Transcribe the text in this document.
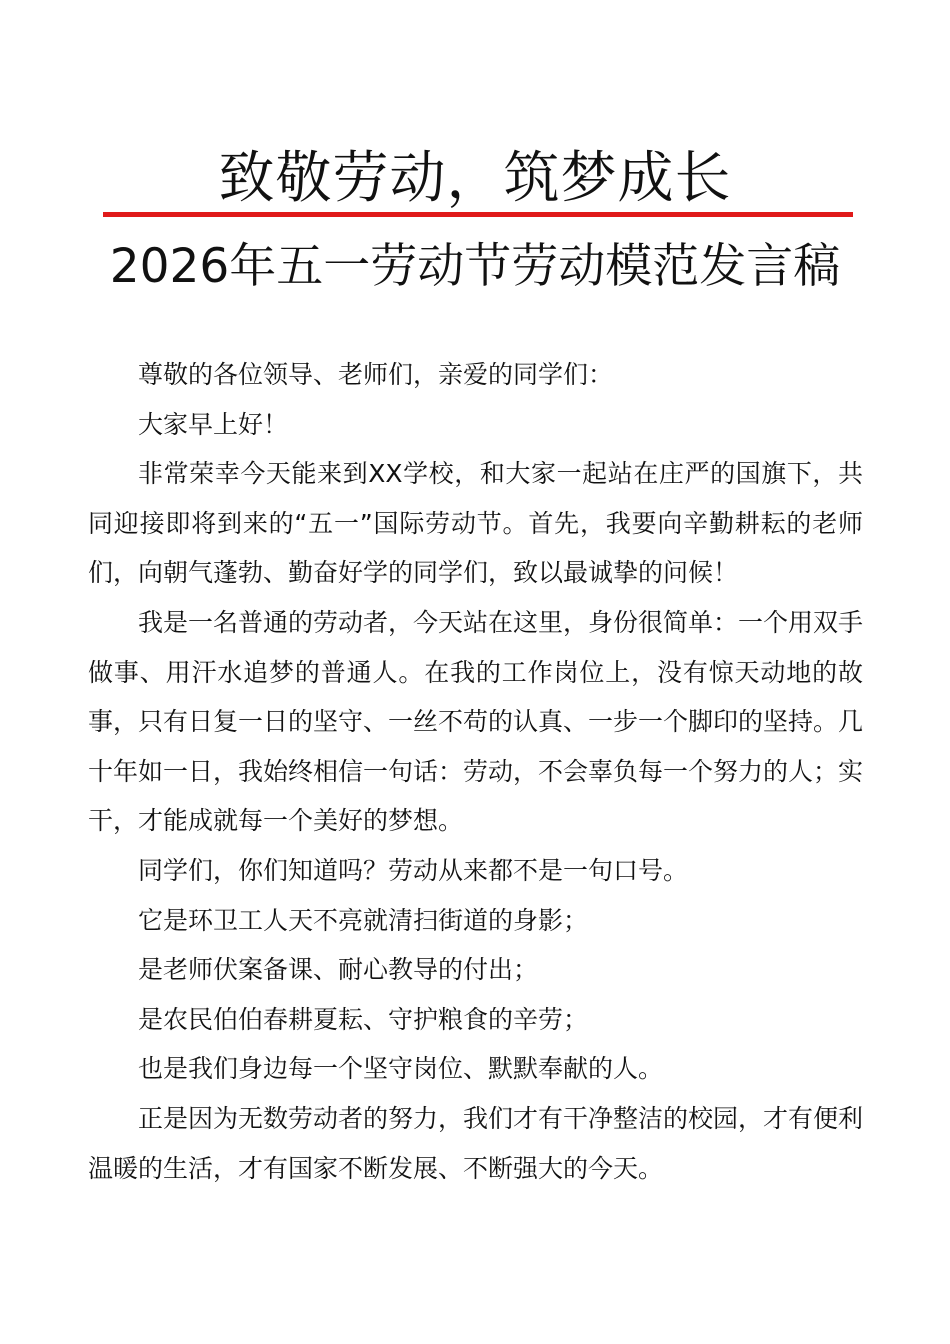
致敬劳动，筑梦成长
2026年五一劳动节劳动模范发言稿

尊敬的各位领导、老师们，亲爱的同学们：

大家早上好！

非常荣幸今天能来到XX学校，和大家一起站在庄严的国旗下，共同迎接即将到来的“五一”国际劳动节。首先，我要向辛勤耕耘的老师们，向朝气蓬勃、勤奋好学的同学们，致以最诚挚的问候！

我是一名普通的劳动者，今天站在这里，身份很简单：一个用双手做事、用汗水追梦的普通人。在我的工作岗位上，没有惊天动地的故事，只有日复一日的坚守、一丝不苟的认真、一步一个脚印的坚持。几十年如一日，我始终相信一句话：劳动，不会辜负每一个努力的人；实干，才能成就每一个美好的梦想。

同学们，你们知道吗？劳动从来都不是一句口号。

它是环卫工人天不亮就清扫街道的身影；

是老师伏案备课、耐心教导的付出；

是农民伯伯春耕夏耘、守护粮食的辛劳；

也是我们身边每一个坚守岗位、默默奉献的人。

正是因为无数劳动者的努力，我们才有干净整洁的校园，才有便利温暖的生活，才有国家不断发展、不断强大的今天。
